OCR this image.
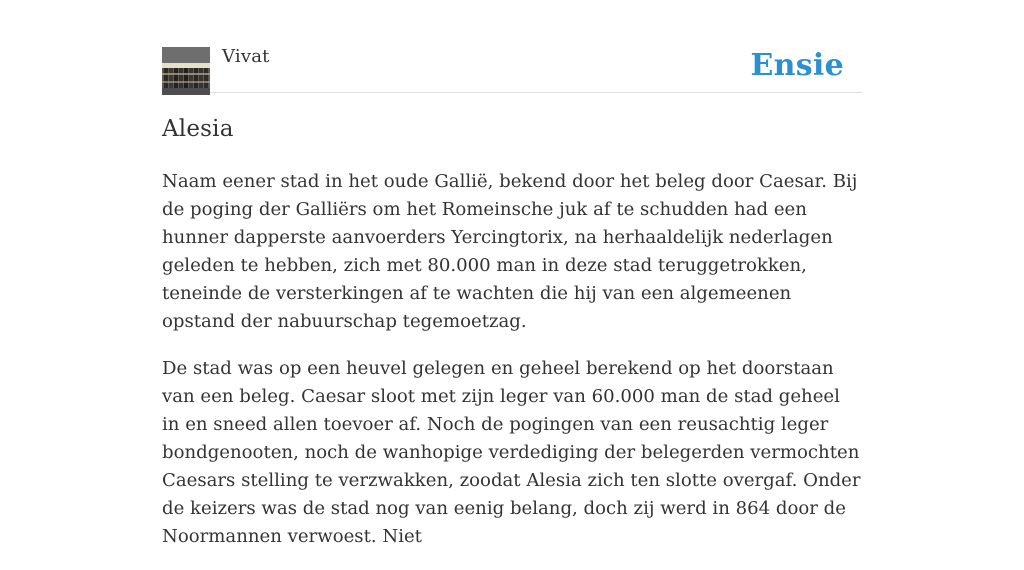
Vivat	Ensie
Alesia

Naam eener stad in het oude Gallië, bekend door het beleg door Caesar. Bij de poging der Galliërs om het Romeinsche juk af te schudden had een hunner dapperste aanvoerders Yercingtorix, na herhaaldelijk nederlagen geleden te hebben, zich met 80.000 man in deze stad teruggetrokken, teneinde de versterkingen af te wachten die hij van een algemeenen opstand der nabuurschap tegemoetzag.

De stad was op een heuvel gelegen en geheel berekend op het doorstaan van een beleg. Caesar sloot met zijn leger van 60.000 man de stad geheel in en sneed allen toevoer af. Noch de pogingen van een reusachtig leger bondgenooten, noch de wanhopige verdediging der belegerden vermochten Caesars stelling te verzwakken, zoodat Alesia zich ten slotte overgaf. Onder de keizers was de stad nog van eenig belang, doch zij werd in 864 door de Noormannen verwoest. Niet
